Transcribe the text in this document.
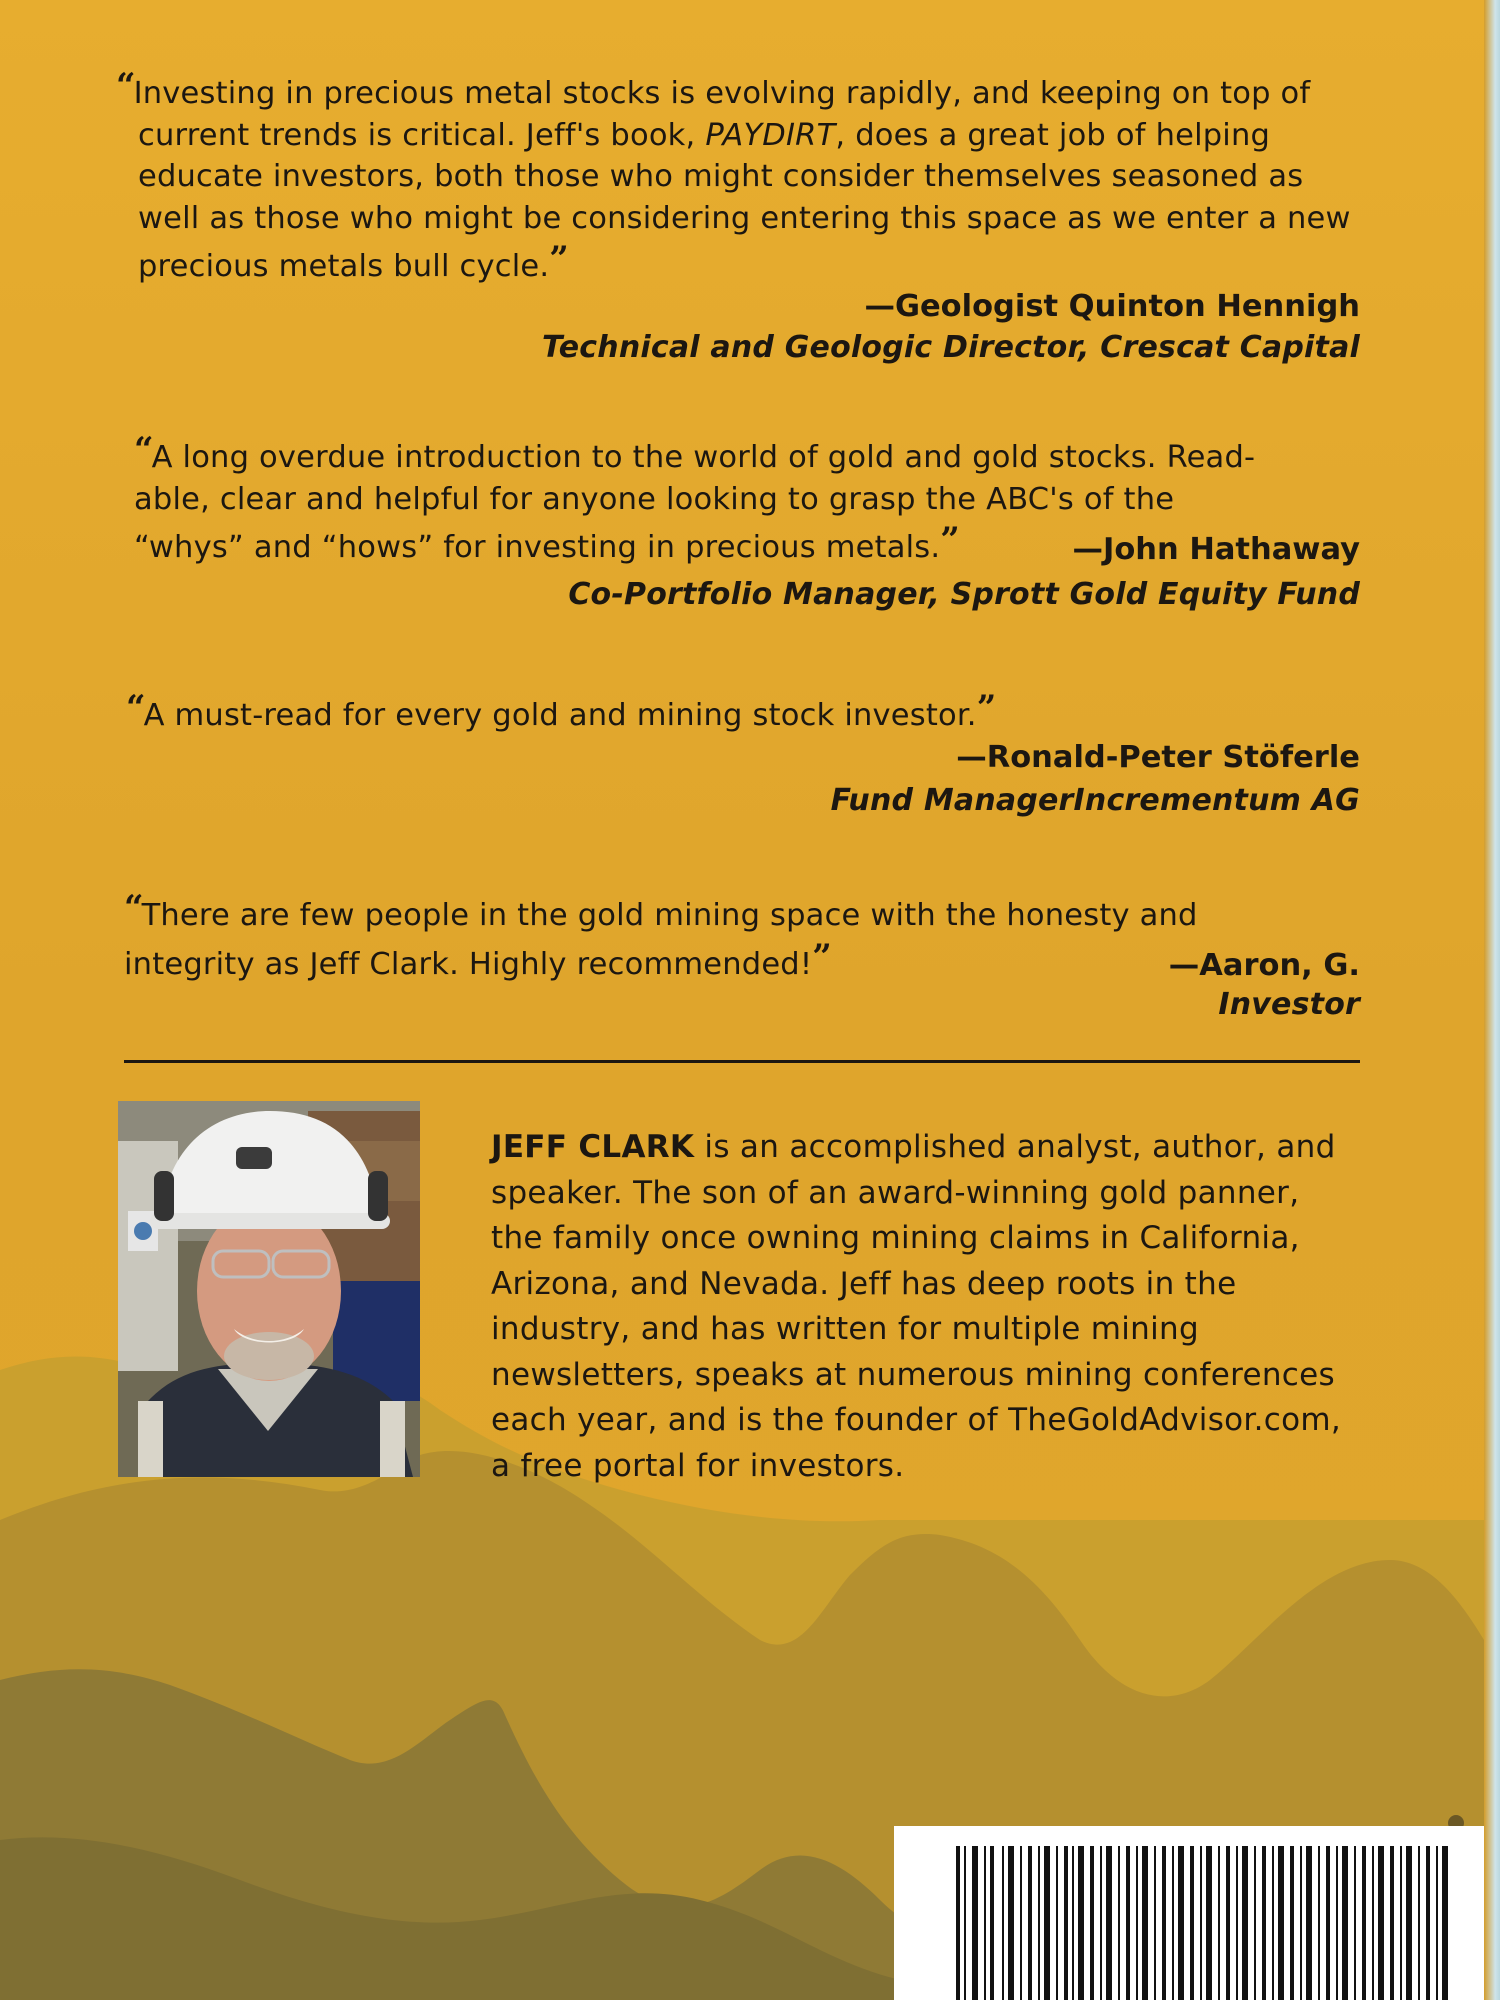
“Investing in precious metal stocks is evolving rapidly, and keeping on top of current trends is critical. Jeff's book, PAYDIRT, does a great job of helping educate investors, both those who might consider themselves seasoned as well as those who might be considering entering this space as we enter a new precious metals bull cycle.”

—Geologist Quinton Hennigh
Technical and Geologic Director, Crescat Capital

“A long overdue introduction to the world of gold and gold stocks. Read-able, clear and helpful for anyone looking to grasp the ABC's of the “whys” and “hows” for investing in precious metals.”	—John Hathaway
Co-Portfolio Manager, Sprott Gold Equity Fund

“A must-read for every gold and mining stock investor.”

—Ronald-Peter Stöferle
Fund ManagerIncrementum AG

“There are few people in the gold mining space with the honesty and integrity as Jeff Clark. Highly recommended!”	—Aaron, G.
Investor

JEFF CLARK is an accomplished analyst, author, and speaker. The son of an award-winning gold panner, the family once owning mining claims in California, Arizona, and Nevada. Jeff has deep roots in the industry, and has written for multiple mining newsletters, speaks at numerous mining conferences each year, and is the founder of TheGoldAdvisor.com, a free portal for investors.
